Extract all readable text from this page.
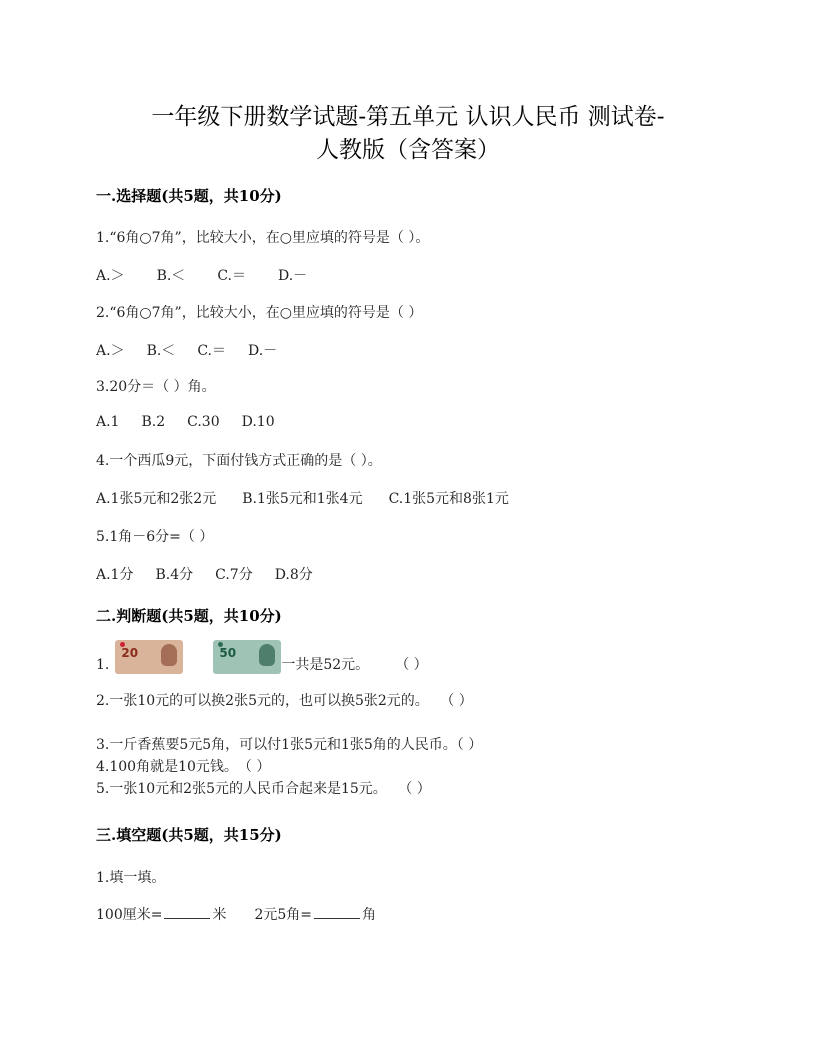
一年级下册数学试题-第五单元 认识人民币 测试卷-
人教版（含答案）
一.选择题(共5题，共10分)
1.“6角○7角”，比较大小，在○里应填的符号是（ ）。
A.＞ B.＜ C.＝ D.－
2.“6角○7角”，比较大小，在○里应填的符号是（ ）
A.＞ B.＜ C.＝ D.－
3.20分＝（ ）角。
A.1 B.2 C.30 D.10
4.一个西瓜9元，下面付钱方式正确的是（ ）。
A.1张5元和2张2元 B.1张5元和1张4元 C.1张5元和8张1元
5.1角－6分=（ ）
A.1分 B.4分 C.7分 D.8分
二.判断题(共5题，共10分)
1.
20	50
一共是52元。 （ ）
2.一张10元的可以换2张5元的，也可以换5张2元的。　 （ ）
3.一斤香蕉要5元5角，可以付1张5元和1张5角的人民币。（ ）
4.100角就是10元钱。　（ ）
5.一张10元和2张5元的人民币合起来是15元。　 （ ）
三.填空题(共5题，共15分)
1.填一填。
100厘米=	米 2元5角=	角
